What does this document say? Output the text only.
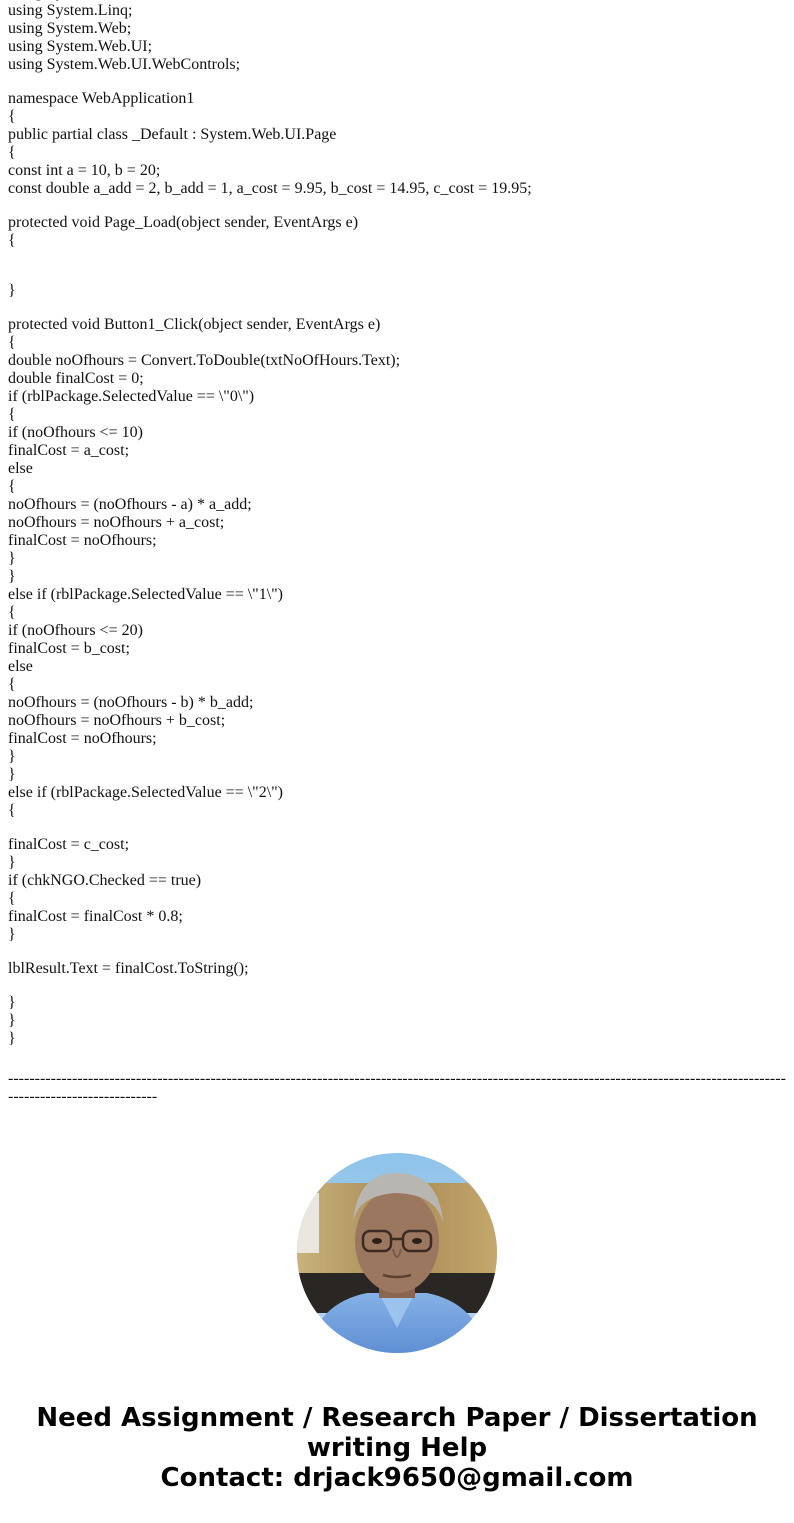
using System.Linq;
using System.Web;
using System.Web.UI;
using System.Web.UI.WebControls;
namespace WebApplication1
{
public partial class _Default : System.Web.UI.Page
{
const int a = 10, b = 20;
const double a_add = 2, b_add = 1, a_cost = 9.95, b_cost = 14.95, c_cost = 19.95;
protected void Page_Load(object sender, EventArgs e)
{
}
protected void Button1_Click(object sender, EventArgs e)
{
double noOfhours = Convert.ToDouble(txtNoOfHours.Text);
double finalCost = 0;
if (rblPackage.SelectedValue == \"0\")
{
if (noOfhours <= 10)
finalCost = a_cost;
else
{
noOfhours = (noOfhours - a) * a_add;
noOfhours = noOfhours + a_cost;
finalCost = noOfhours;
}
}
else if (rblPackage.SelectedValue == \"1\")
{
if (noOfhours <= 20)
finalCost = b_cost;
else
{
noOfhours = (noOfhours - b) * b_add;
noOfhours = noOfhours + b_cost;
finalCost = noOfhours;
}
}
else if (rblPackage.SelectedValue == \"2\")
{
finalCost = c_cost;
}
if (chkNGO.Checked == true)
{
finalCost = finalCost * 0.8;
}
lblResult.Text = finalCost.ToString();
}
}
}
------------------------------------------------------------------------------------------------------------------------------------------------------------------------------
Need Assignment / Research Paper / Dissertation
writing Help
Contact: drjack9650@gmail.com
